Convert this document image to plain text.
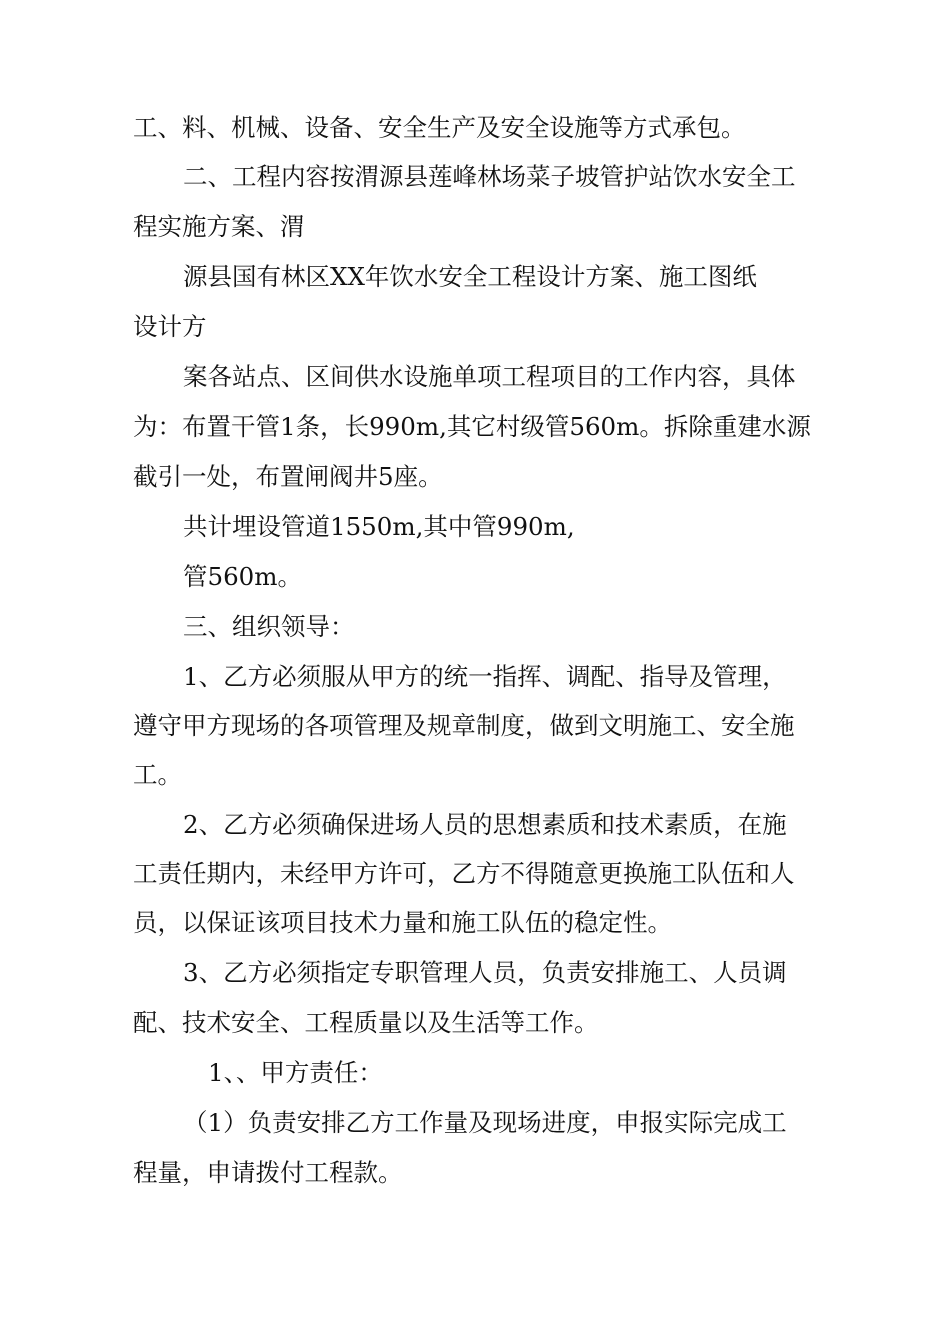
工、料、机械、设备、安全生产及安全设施等方式承包。
二、工程内容按渭源县莲峰林场菜子坡管护站饮水安全工
程实施方案、渭
源县国有林区XX年饮水安全工程设计方案、施工图纸
设计方
案各站点、区间供水设施单项工程项目的工作内容，具体
为：布置干管1条，长990m,其它村级管560m。拆除重建水源
截引一处，布置闸阀井5座。
共计埋设管道1550m,其中管990m,
管560m。
三、组织领导：
1、乙方必须服从甲方的统一指挥、调配、指导及管理，
遵守甲方现场的各项管理及规章制度，做到文明施工、安全施
工。
2、乙方必须确保进场人员的思想素质和技术素质，在施
工责任期内，未经甲方许可，乙方不得随意更换施工队伍和人
员，以保证该项目技术力量和施工队伍的稳定性。
3、乙方必须指定专职管理人员，负责安排施工、人员调
配、技术安全、工程质量以及生活等工作。
1、、甲方责任：
（1）负责安排乙方工作量及现场进度，申报实际完成工
程量，申请拨付工程款。
